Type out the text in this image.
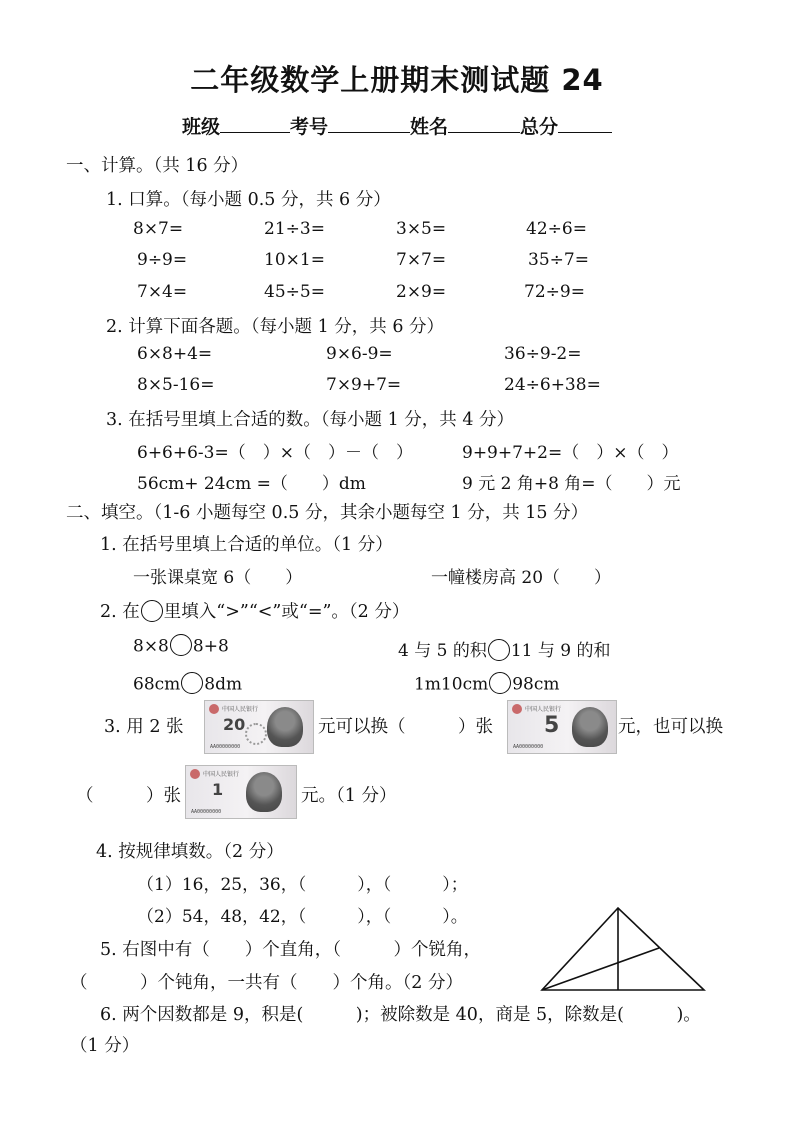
二年级数学上册期末测试题 24
班级	考号	姓名	总分
一、计算。（共 16 分）
1. 口算。（每小题 0.5 分，共 6 分）
8×7=	21÷3=	3×5=	42÷6=
9÷9=	10×1=	7×7=	35÷7=
7×4=	45÷5=	2×9=	72÷9=
2. 计算下面各题。（每小题 1 分，共 6 分）
6×8+4=	9×6-9=	36÷9-2=
8×5-16=	7×9+7=	24÷6+38=
3. 在括号里填上合适的数。（每小题 1 分，共 4 分）
6+6+6-3=（　）×（　）－（　）	9+9+7+2=（　）×（　）
56cm+ 24cm =（　　）dm	9 元 2 角+8 角=（　　）元
二、填空。（1-6 小题每空 0.5 分，其余小题每空 1 分，共 15 分）
1. 在括号里填上合适的单位。（1 分）
一张课桌宽 6（　　）	一幢楼房高 20（　　）
2. 在 里填入“>”“<”或“=”。（2 分）
8×8 8+8	4 与 5 的积 11 与 9 的和
68cm 8dm	1m10cm 98cm
3. 用 2 张
中国人民银行
20
AA00000000
元可以换（　　　）张
中国人民银行
5
AA00000000
元，也可以换
（　　　）张
中国人民银行
1
AA00000000
元。（1 分）
4. 按规律填数。（2 分）
（1）16，25，36，（　　　），（　　　）；
（2）54，48，42，（　　　），（　　　）。
5. 右图中有（　　）个直角，（　　　）个锐角，
（　　　）个钝角，一共有（　　）个角。（2 分）
6. 两个因数都是 9，积是(　　　)；被除数是 40，商是 5，除数是(　　　)。
（1 分）
